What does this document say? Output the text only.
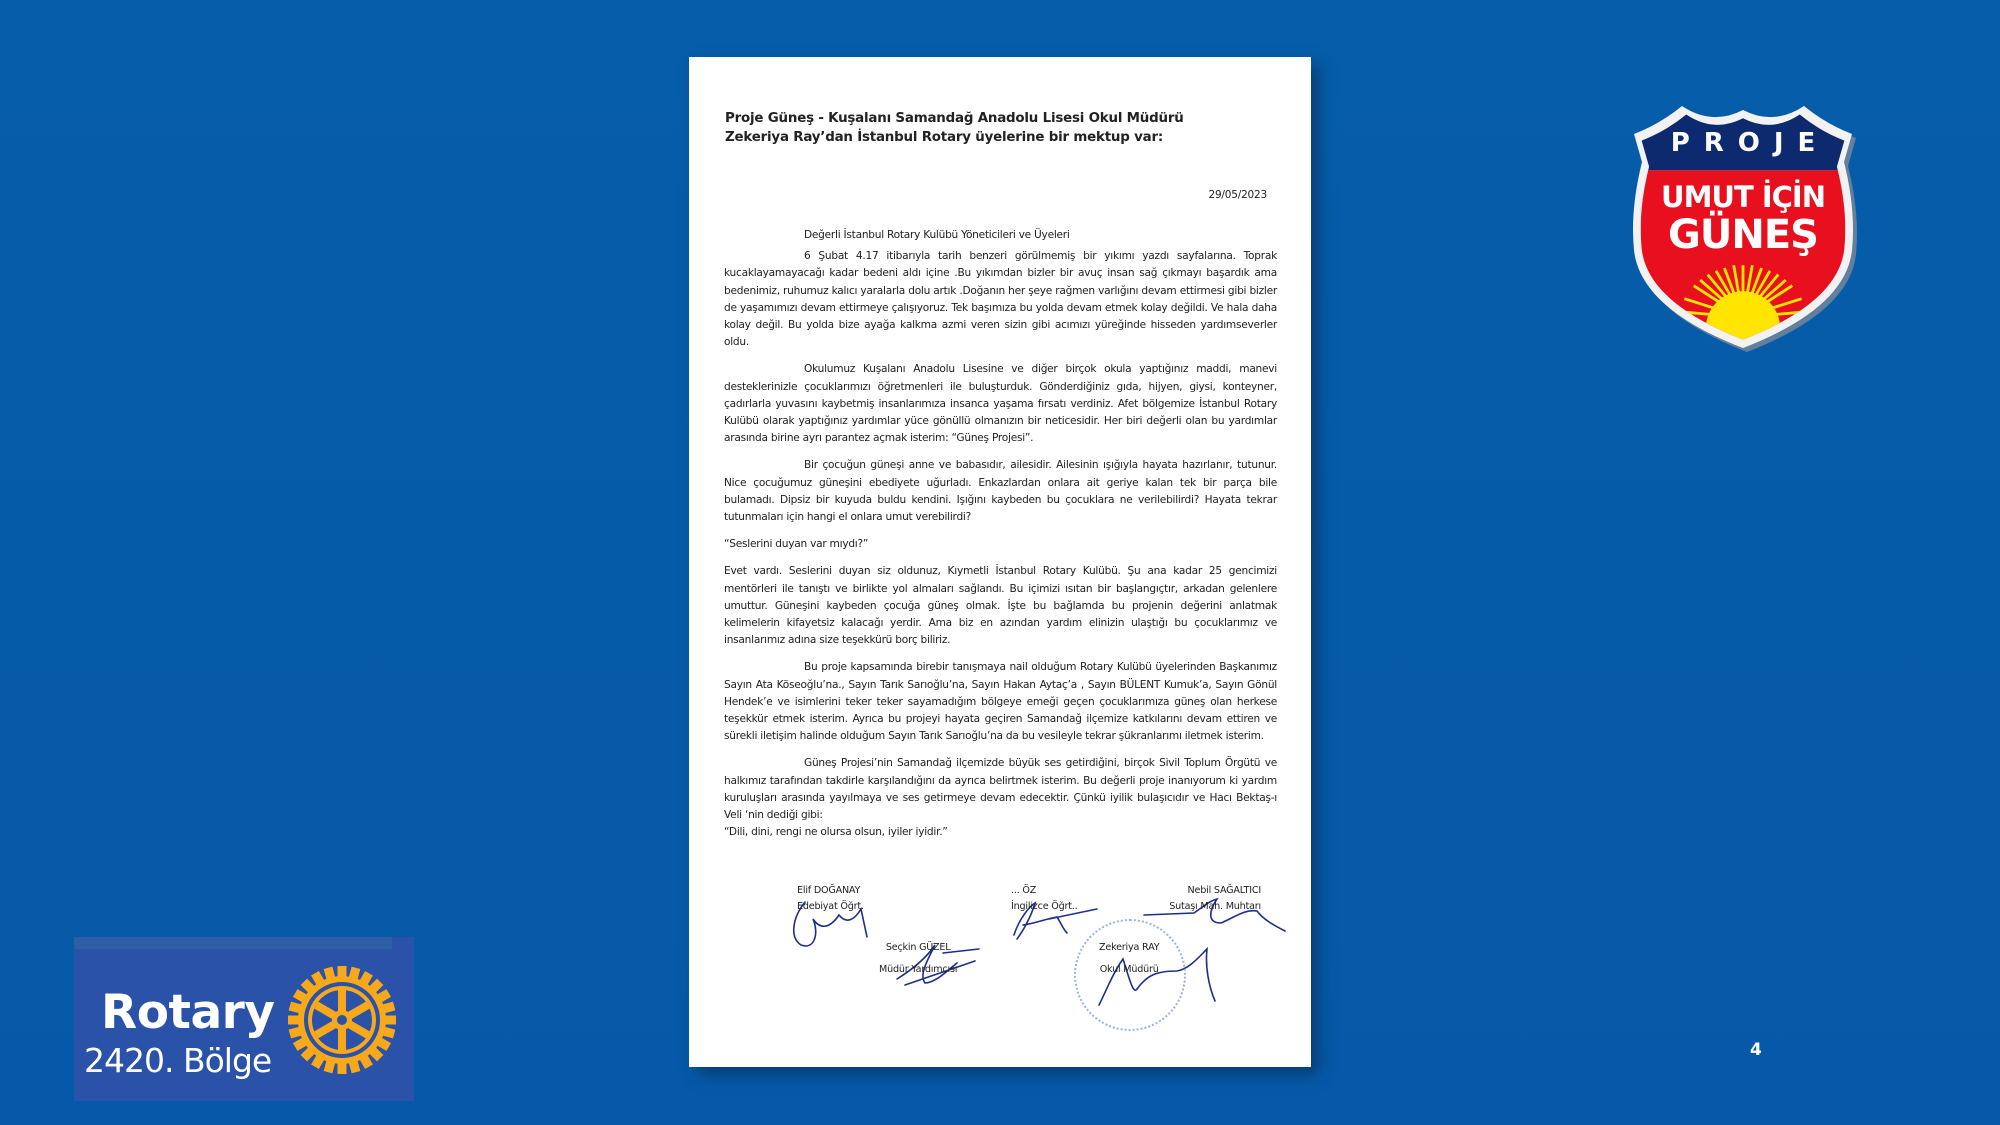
Proje Güneş - Kuşalanı Samandağ Anadolu Lisesi Okul Müdürü
Zekeriya Ray’dan İstanbul Rotary üyelerine bir mektup var:
29/05/2023

Değerli İstanbul Rotary Kulübü Yöneticileri ve Üyeleri

6 Şubat 4.17 itibarıyla tarih benzeri görülmemiş bir yıkımı yazdı sayfalarına. Toprak kucaklayamayacağı kadar bedeni aldı içine .Bu yıkımdan bizler bir avuç insan sağ çıkmayı başardık ama bedenimiz, ruhumuz kalıcı yaralarla dolu artık .Doğanın her şeye rağmen varlığını devam ettirmesi gibi bizler de yaşamımızı devam ettirmeye çalışıyoruz. Tek başımıza bu yolda devam etmek kolay değildi. Ve hala daha kolay değil. Bu yolda bize ayağa kalkma azmi veren sizin gibi acımızı yüreğinde hisseden yardımseverler oldu.

Okulumuz Kuşalanı Anadolu Lisesine ve diğer birçok okula yaptığınız maddi, manevi desteklerinizle çocuklarımızı öğretmenleri ile buluşturduk. Gönderdiğiniz gıda, hijyen, giysi, konteyner, çadırlarla yuvasını kaybetmiş insanlarımıza insanca yaşama fırsatı verdiniz. Afet bölgemize İstanbul Rotary Kulübü olarak yaptığınız yardımlar yüce gönüllü olmanızın bir neticesidir. Her biri değerli olan bu yardımlar arasında birine ayrı parantez açmak isterim: “Güneş Projesi”.

Bir çocuğun güneşi anne ve babasıdır, ailesidir. Ailesinin ışığıyla hayata hazırlanır, tutunur. Nice çocuğumuz güneşini ebediyete uğurladı. Enkazlardan onlara ait geriye kalan tek bir parça bile bulamadı. Dipsiz bir kuyuda buldu kendini. Işığını kaybeden bu çocuklara ne verilebilirdi? Hayata tekrar tutunmaları için hangi el onlara umut verebilirdi?

“Seslerini duyan var mıydı?”

Evet vardı. Seslerini duyan siz oldunuz, Kıymetli İstanbul Rotary Kulübü. Şu ana kadar 25 gencimizi mentörleri ile tanıştı ve birlikte yol almaları sağlandı. Bu içimizi ısıtan bir başlangıçtır, arkadan gelenlere umuttur. Güneşini kaybeden çocuğa güneş olmak. İşte bu bağlamda bu projenin değerini anlatmak kelimelerin kifayetsiz kalacağı yerdir. Ama biz en azından yardım elinizin ulaştığı bu çocuklarımız ve insanlarımız adına size teşekkürü borç biliriz.

Bu proje kapsamında birebir tanışmaya nail olduğum Rotary Kulübü üyelerinden Başkanımız Sayın Ata Köseoğlu’na., Sayın Tarık Sarıoğlu’na, Sayın Hakan Aytaç’a , Sayın BÜLENT Kumuk’a, Sayın Gönül Hendek’e ve isimlerini teker teker sayamadığım bölgeye emeği geçen çocuklarımıza güneş olan herkese teşekkür etmek isterim. Ayrıca bu projeyi hayata geçiren Samandağ ilçemize katkılarını devam ettiren ve sürekli iletişim halinde olduğum Sayın Tarık Sarıoğlu’na da bu vesileyle tekrar şükranlarımı iletmek isterim.

Güneş Projesi’nin Samandağ ilçemizde büyük ses getirdiğini, birçok Sivil Toplum Örgütü ve halkımız tarafından takdirle karşılandığını da ayrıca belirtmek isterim. Bu değerli proje inanıyorum ki yardım kuruluşları arasında yayılmaya ve ses getirmeye devam edecektir. Çünkü iyilik bulaşıcıdır ve Hacı Bektaş-ı Veli ‘nin dediği gibi:

“Dili, dini, rengi ne olursa olsun, iyiler iyidir.”

Elif DOĞANAY
Edebiyat Öğrt.
... ÖZ
İngilizce Öğrt..
Nebil SAĞALTICI
Sutaşı Mah. Muhtarı
Seçkin GÜZEL
Müdür Yardımcısı
Zekeriya RAY
Okul Müdürü
PROJE
UMUT İÇİN
GÜNEŞ
Rotary
2420. Bölge	4
